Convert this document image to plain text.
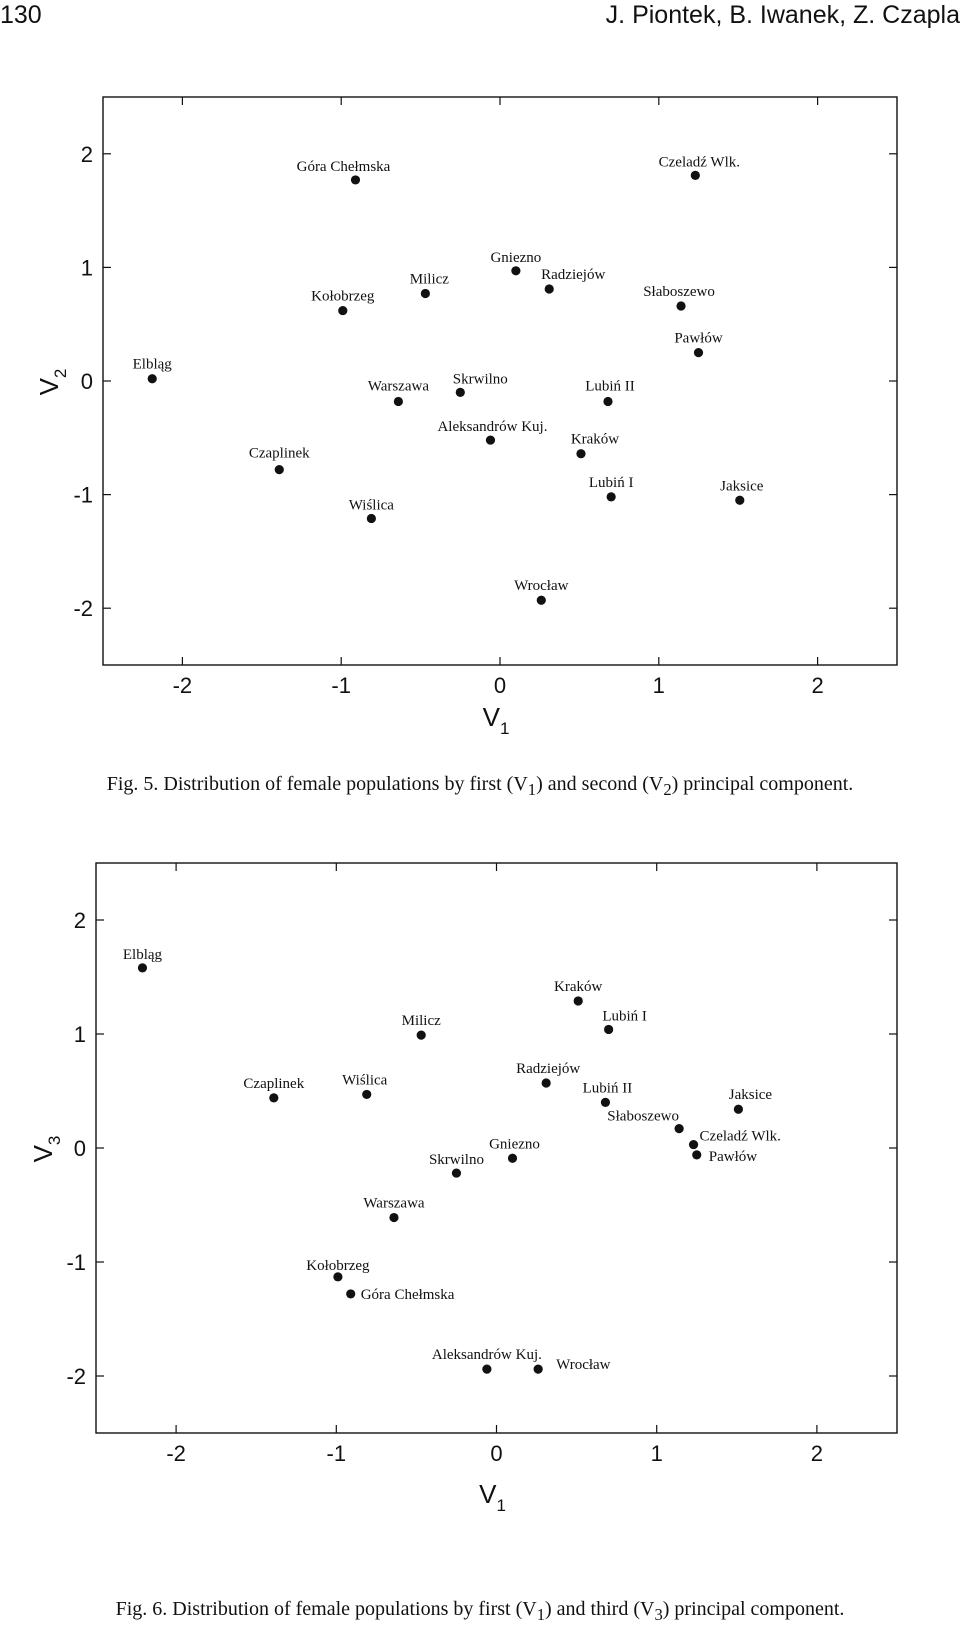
130	J. Piontek, B. Iwanek, Z. Czapla
-2	-1	0	1	2
2
1
0
-1
-2
$V_1$
$V_2$
Góra Chełmska	Czeladź Wlk.
Gniezno
Radziejów
Milicz
Kołobrzeg	Słaboszewo
Pawłów
Elbląg
Warszawa Skrwilno	Lubiń II
Aleksandrów Kuj.
Kraków
Czaplinek
Lubiń I	Jaksice
Wiślica
Wrocław
Fig. 5. Distribution of female populations by first $(V_1)$ and second $(V_2)$ principal component.
-2	-1	0	1	2
2
1
0
-1
-2
$V_1$
$V_3$
Elbląg
Kraków
Lubiń I
Milicz
Radziejów
Czaplinek	Wiślica	Lubiń II	Jaksice
Słaboszewo
Czeladź Wlk.
Pawłów
Gniezno
Skrwilno
Warszawa
Kołobrzeg
Góra Chełmska
Aleksandrów Kuj.
Wrocław
Fig. 6. Distribution of female populations by first $(V_1)$ and third $(V_3)$ principal component.
